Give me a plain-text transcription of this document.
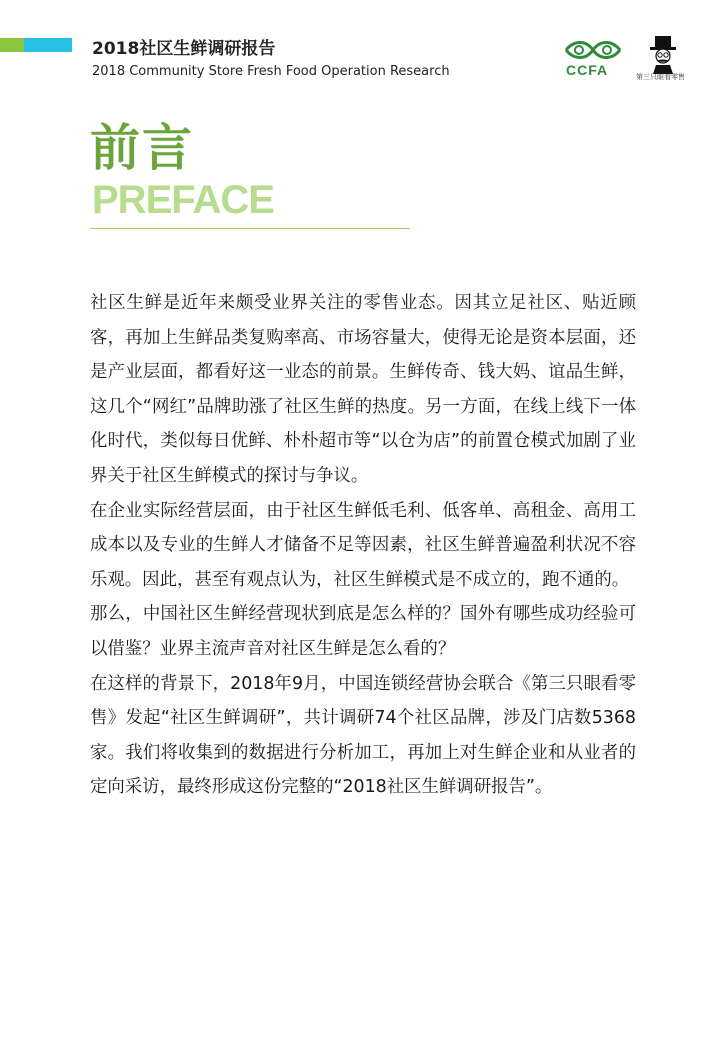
2018社区生鲜调研报告
2018 Community Store Fresh Food Operation Research	CCFA	第三只眼看零售
前言
PREFACE

社区生鲜是近年来颇受业界关注的零售业态。因其立足社区、贴近顾客，再加上生鲜品类复购率高、市场容量大，使得无论是资本层面，还是产业层面，都看好这一业态的前景。生鲜传奇、钱大妈、谊品生鲜，这几个“网红”品牌助涨了社区生鲜的热度。另一方面，在线上线下一体化时代，类似每日优鲜、朴朴超市等“以仓为店”的前置仓模式加剧了业界关于社区生鲜模式的探讨与争议。

在企业实际经营层面，由于社区生鲜低毛利、低客单、高租金、高用工成本以及专业的生鲜人才储备不足等因素，社区生鲜普遍盈利状况不容乐观。因此，甚至有观点认为，社区生鲜模式是不成立的，跑不通的。

那么，中国社区生鲜经营现状到底是怎么样的？国外有哪些成功经验可以借鉴？业界主流声音对社区生鲜是怎么看的？

在这样的背景下，2018年9月，中国连锁经营协会联合《第三只眼看零售》发起“社区生鲜调研”，共计调研74个社区品牌，涉及门店数5368家。我们将收集到的数据进行分析加工，再加上对生鲜企业和从业者的定向采访，最终形成这份完整的“2018社区生鲜调研报告”。
